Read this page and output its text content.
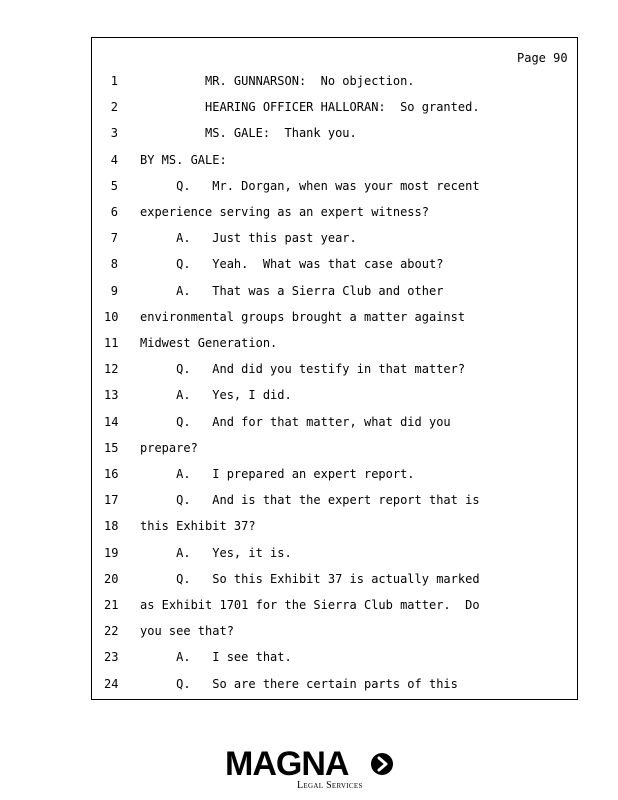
Page 90
1 MR. GUNNARSON:  No objection.
2 HEARING OFFICER HALLORAN:  So granted.
3 MS. GALE:  Thank you.
4 BY MS. GALE:
5 Q.   Mr. Dorgan, when was your most recent
6 experience serving as an expert witness?
7 A.   Just this past year.
8 Q.   Yeah.  What was that case about?
9 A.   That was a Sierra Club and other
10 environmental groups brought a matter against
11 Midwest Generation.
12 Q.   And did you testify in that matter?
13 A.   Yes, I did.
14 Q.   And for that matter, what did you
15 prepare?
16 A.   I prepared an expert report.
17 Q.   And is that the expert report that is
18 this Exhibit 37?
19 A.   Yes, it is.
20 Q.   So this Exhibit 37 is actually marked
21 as Exhibit 1701 for the Sierra Club matter.  Do
22 you see that?
23 A.   I see that.
24 Q.   So are there certain parts of this
MAGNA
Legal Services
